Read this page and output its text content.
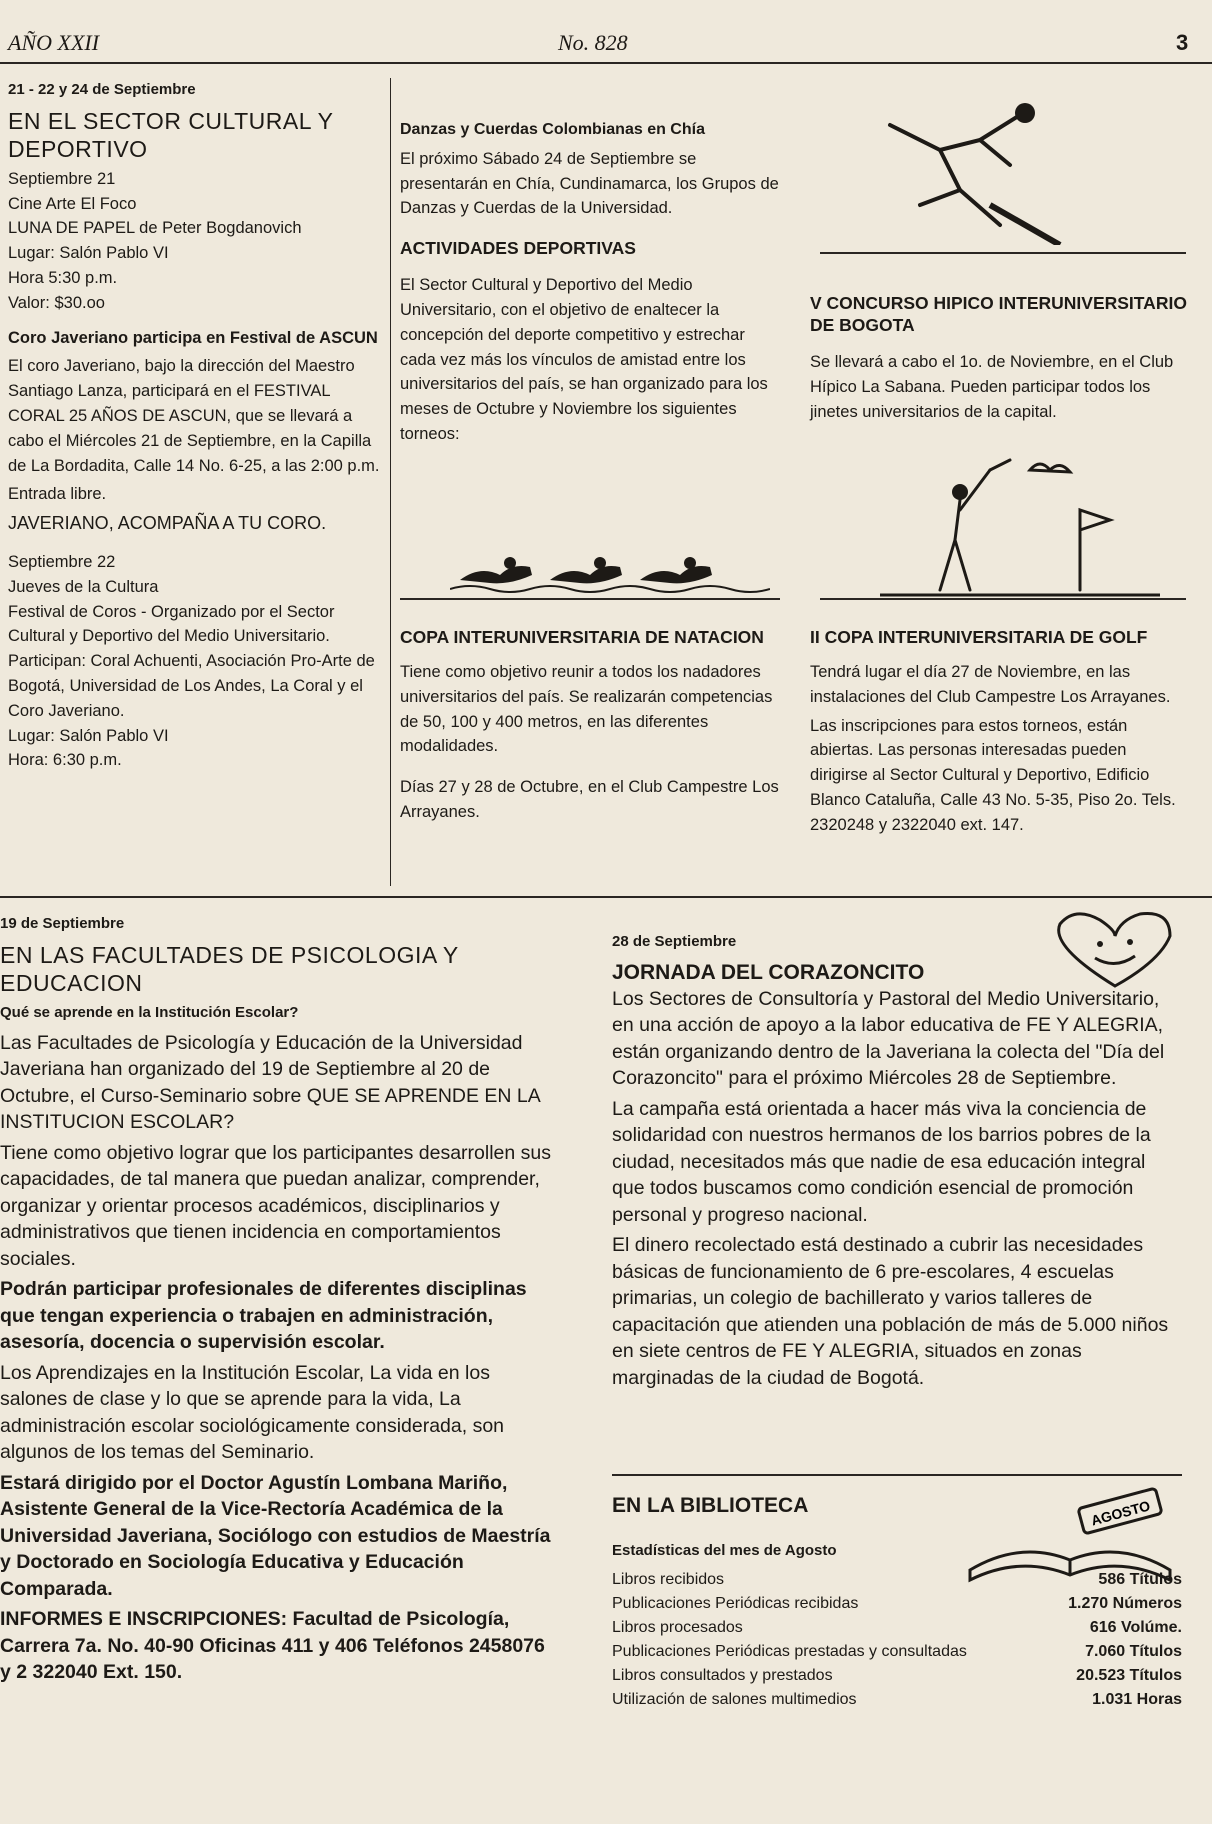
AÑO XXII	No. 828	3

21 - 22 y 24 de Septiembre

EN EL SECTOR CULTURAL Y DEPORTIVO
Septiembre 21
Cine Arte El Foco
LUNA DE PAPEL de Peter Bogdanovich
Lugar: Salón Pablo VI
Hora 5:30 p.m.
Valor: $30.oo

Coro Javeriano participa en Festival de ASCUN

El coro Javeriano, bajo la dirección del Maestro Santiago Lanza, participará en el FESTIVAL CORAL 25 AÑOS DE ASCUN, que se llevará a cabo el Miércoles 21 de Septiembre, en la Capilla de La Bordadita, Calle 14 No. 6-25, a las 2:00 p.m.

Entrada libre.

JAVERIANO, ACOMPAÑA A TU CORO.

Septiembre 22
Jueves de la Cultura
Festival de Coros - Organizado por el Sector Cultural y Deportivo del Medio Universitario.
Participan: Coral Achuenti, Asociación Pro-Arte de Bogotá, Universidad de Los Andes, La Coral y el Coro Javeriano.
Lugar: Salón Pablo VI
Hora: 6:30 p.m.

Danzas y Cuerdas Colombianas en Chía

El próximo Sábado 24 de Septiembre se presentarán en Chía, Cundinamarca, los Grupos de Danzas y Cuerdas de la Universidad.

ACTIVIDADES DEPORTIVAS

El Sector Cultural y Deportivo del Medio Universitario, con el objetivo de enaltecer la concepción del deporte competitivo y estrechar cada vez más los vínculos de amistad entre los universitarios del país, se han organizado para los meses de Octubre y Noviembre los siguientes torneos:

COPA INTERUNIVERSITARIA DE NATACION

Tiene como objetivo reunir a todos los nadadores universitarios del país. Se realizarán competencias de 50, 100 y 400 metros, en las diferentes modalidades.

Días 27 y 28 de Octubre, en el Club Campestre Los Arrayanes.

V CONCURSO HIPICO INTERUNIVERSITARIO DE BOGOTA

Se llevará a cabo el 1o. de Noviembre, en el Club Hípico La Sabana. Pueden participar todos los jinetes universitarios de la capital.

II COPA INTERUNIVERSITARIA DE GOLF

Tendrá lugar el día 27 de Noviembre, en las instalaciones del Club Campestre Los Arrayanes.

Las inscripciones para estos torneos, están abiertas. Las personas interesadas pueden dirigirse al Sector Cultural y Deportivo, Edificio Blanco Cataluña, Calle 43 No. 5-35, Piso 2o. Tels. 2320248 y 2322040 ext. 147.

19 de Septiembre

EN LAS FACULTADES DE PSICOLOGIA Y EDUCACION

Qué se aprende en la Institución Escolar?

Las Facultades de Psicología y Educación de la Universidad Javeriana han organizado del 19 de Septiembre al 20 de Octubre, el Curso-Seminario sobre QUE SE APRENDE EN LA INSTITUCION ESCOLAR?

Tiene como objetivo lograr que los participantes desarrollen sus capacidades, de tal manera que puedan analizar, comprender, organizar y orientar procesos académicos, disciplinarios y administrativos que tienen incidencia en comportamientos sociales.

Podrán participar profesionales de diferentes disciplinas que tengan experiencia o trabajen en administración, asesoría, docencia o supervisión escolar.

Los Aprendizajes en la Institución Escolar, La vida en los salones de clase y lo que se aprende para la vida, La administración escolar sociológicamente considerada, son algunos de los temas del Seminario.

Estará dirigido por el Doctor Agustín Lombana Mariño, Asistente General de la Vice-Rectoría Académica de la Universidad Javeriana, Sociólogo con estudios de Maestría y Doctorado en Sociología Educativa y Educación Comparada.

INFORMES E INSCRIPCIONES: Facultad de Psicología, Carrera 7a. No. 40-90 Oficinas 411 y 406 Teléfonos 2458076 y 2 322040 Ext. 150.

28 de Septiembre

JORNADA DEL CORAZONCITO

Los Sectores de Consultoría y Pastoral del Medio Universitario, en una acción de apoyo a la labor educativa de FE Y ALEGRIA, están organizando dentro de la Javeriana la colecta del "Día del Corazoncito" para el próximo Miércoles 28 de Septiembre.

La campaña está orientada a hacer más viva la conciencia de solidaridad con nuestros hermanos de los barrios pobres de la ciudad, necesitados más que nadie de esa educación integral que todos buscamos como condición esencial de promoción personal y progreso nacional.

El dinero recolectado está destinado a cubrir las necesidades básicas de funcionamiento de 6 pre-escolares, 4 escuelas primarias, un colegio de bachillerato y varios talleres de capacitación que atienden una población de más de 5.000 niños en siete centros de FE Y ALEGRIA, situados en zonas marginadas de la ciudad de Bogotá.

EN LA BIBLIOTECA

Estadísticas del mes de Agosto

Libros recibidos	586 Títulos
Publicaciones Periódicas recibidas	1.270 Números
Libros procesados	616 Volúme.
Publicaciones Periódicas prestadas y consultadas	7.060 Títulos
Libros consultados y prestados	20.523 Títulos
Utilización de salones multimedios	1.031 Horas
AGOSTO
